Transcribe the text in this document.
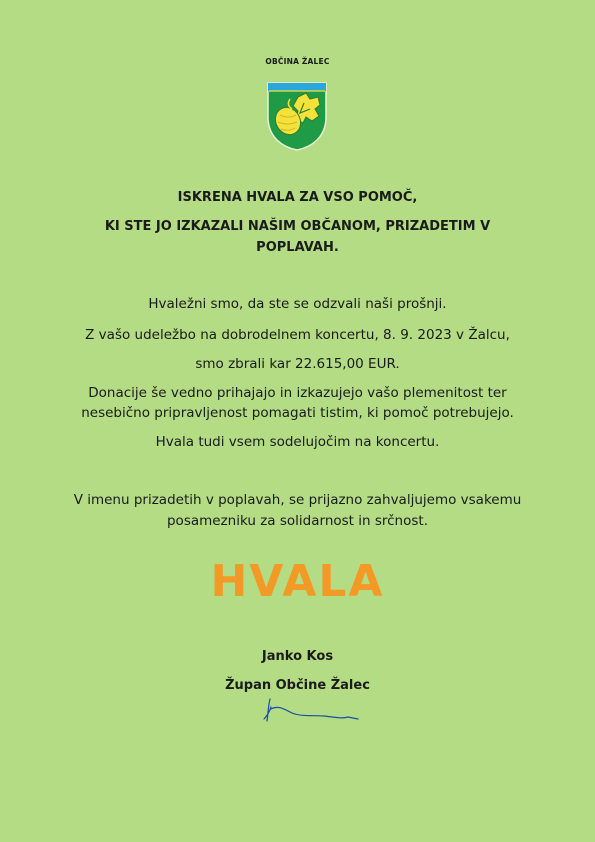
OBČINA ŽALEC
ISKRENA HVALA ZA VSO POMOČ,
KI STE JO IZKAZALI NAŠIM OBČANOM, PRIZADETIM V
POPLAVAH.
Hvaležni smo, da ste se odzvali naši prošnji.
Z vašo udeležbo na dobrodelnem koncertu, 8. 9. 2023 v Žalcu,
smo zbrali kar 22.615,00 EUR.
Donacije še vedno prihajajo in izkazujejo vašo plemenitost ter
nesebično pripravljenost pomagati tistim, ki pomoč potrebujejo.
Hvala tudi vsem sodelujočim na koncertu.
V imenu prizadetih v poplavah, se prijazno zahvaljujemo vsakemu
posamezniku za solidarnost in srčnost.
HVALA
Janko Kos
Župan Občine Žalec
